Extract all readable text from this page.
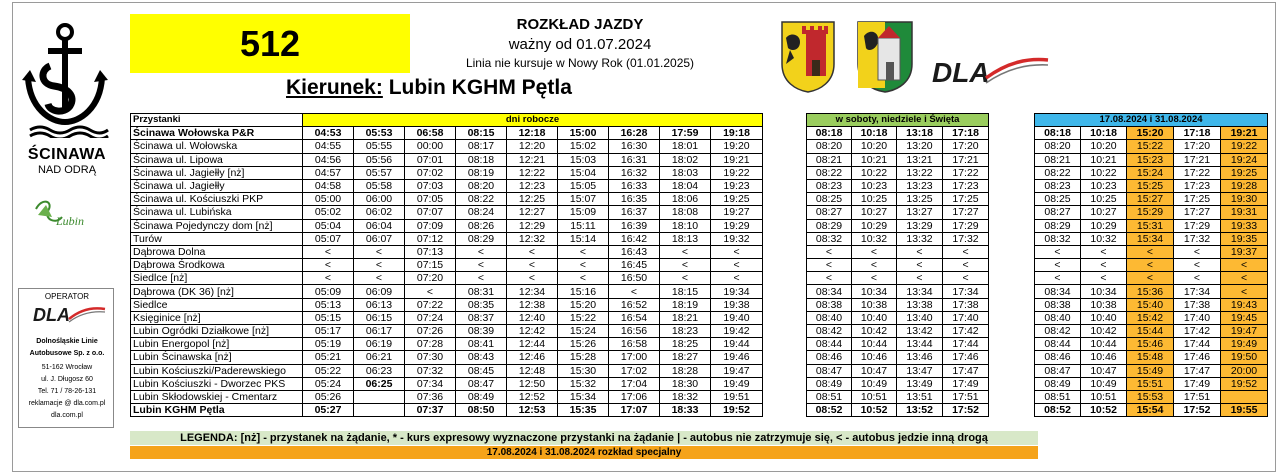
ŚCINAWA
NAD ODRĄ
Lubin
OPERATOR
DLA
Dolnośląskie Linie
Autobusowe Sp. z o.o.
51-162 Wrocław
ul. J. Długosz 60
Tel. 71 / 78-26-131
reklamacje @ dla.com.pl
dla.com.pl
512	ROZKŁAD JAZDY
ważny od 01.07.2024
Linia nie kursuje w Nowy Rok (01.01.2025)
Kierunek: Lubin KGHM Pętla	DLA
Przystanki	dni robocze								
Ścinawa Wołowska P&R	04:53	05:53	06:58	08:15	12:18	15:00	16:28	17:59	19:18
Ścinawa ul. Wołowska	04:55	05:55	00:00	08:17	12:20	15:02	16:30	18:01	19:20
Ścinawa ul. Lipowa	04:56	05:56	07:01	08:18	12:21	15:03	16:31	18:02	19:21
Ścinawa ul. Jagiełły [nż]	04:57	05:57	07:02	08:19	12:22	15:04	16:32	18:03	19:22
Ścinawa ul. Jagiełły	04:58	05:58	07:03	08:20	12:23	15:05	16:33	18:04	19:23
Ścinawa ul. Kościuszki PKP	05:00	06:00	07:05	08:22	12:25	15:07	16:35	18:06	19:25
Ścinawa ul. Lubińska	05:02	06:02	07:07	08:24	12:27	15:09	16:37	18:08	19:27
Ścinawa Pojedynczy dom [nż]	05:04	06:04	07:09	08:26	12:29	15:11	16:39	18:10	19:29
Turów	05:07	06:07	07:12	08:29	12:32	15:14	16:42	18:13	19:32
Dąbrowa Dolna	<	<	07:13	<	<	<	16:43	<	<
Dąbrowa Środkowa	<	<	07:15	<	<	<	16:45	<	<
Siedlce [nż]	<	<	07:20	<	<	<	16:50	<	<
Dąbrowa (DK 36) [nż]	05:09	06:09	<	08:31	12:34	15:16	<	18:15	19:34
Siedlce	05:13	06:13	07:22	08:35	12:38	15:20	16:52	18:19	19:38
Księginice [nż]	05:15	06:15	07:24	08:37	12:40	15:22	16:54	18:21	19:40
Lubin Ogródki Działkowe [nż]	05:17	06:17	07:26	08:39	12:42	15:24	16:56	18:23	19:42
Lubin Energopol [nż]	05:19	06:19	07:28	08:41	12:44	15:26	16:58	18:25	19:44
Lubin Ścinawska [nż]	05:21	06:21	07:30	08:43	12:46	15:28	17:00	18:27	19:46
Lubin Kościuszki/Paderewskiego	05:22	06:23	07:32	08:45	12:48	15:30	17:02	18:28	19:47
Lubin Kościuszki - Dworzec PKS	05:24	06:25	07:34	08:47	12:50	15:32	17:04	18:30	19:49
Lubin Skłodowskiej - Cmentarz	05:26		07:36	08:49	12:52	15:34	17:06	18:32	19:51
Lubin KGHM Pętla	05:27		07:37	08:50	12:53	15:35	17:07	18:33	19:52
w soboty, niedziele i Święta			
08:18	10:18	13:18	17:18
08:20	10:20	13:20	17:20
08:21	10:21	13:21	17:21
08:22	10:22	13:22	17:22
08:23	10:23	13:23	17:23
08:25	10:25	13:25	17:25
08:27	10:27	13:27	17:27
08:29	10:29	13:29	17:29
08:32	10:32	13:32	17:32
<	<	<	<
<	<	<	<
<	<	<	<
08:34	10:34	13:34	17:34
08:38	10:38	13:38	17:38
08:40	10:40	13:40	17:40
08:42	10:42	13:42	17:42
08:44	10:44	13:44	17:44
08:46	10:46	13:46	17:46
08:47	10:47	13:47	17:47
08:49	10:49	13:49	17:49
08:51	10:51	13:51	17:51
08:52	10:52	13:52	17:52
17.08.2024 i 31.08.2024				
08:18	10:18	15:20	17:18	19:21
08:20	10:20	15:22	17:20	19:22
08:21	10:21	15:23	17:21	19:24
08:22	10:22	15:24	17:22	19:25
08:23	10:23	15:25	17:23	19:28
08:25	10:25	15:27	17:25	19:30
08:27	10:27	15:29	17:27	19:31
08:29	10:29	15:31	17:29	19:33
08:32	10:32	15:34	17:32	19:35
<	<	<	<	19:37
<	<	<	<	<
<	<	<	<	<
08:34	10:34	15:36	17:34	<
08:38	10:38	15:40	17:38	19:43
08:40	10:40	15:42	17:40	19:45
08:42	10:42	15:44	17:42	19:47
08:44	10:44	15:46	17:44	19:49
08:46	10:46	15:48	17:46	19:50
08:47	10:47	15:49	17:47	20:00
08:49	10:49	15:51	17:49	19:52
08:51	10:51	15:53	17:51	
08:52	10:52	15:54	17:52	19:55
LEGENDA: [nż] - przystanek na żądanie, * - kurs expresowy wyznaczone przystanki na żądanie | - autobus nie zatrzymuje się, < - autobus jedzie inną drogą
17.08.2024 i 31.08.2024 rozkład specjalny
